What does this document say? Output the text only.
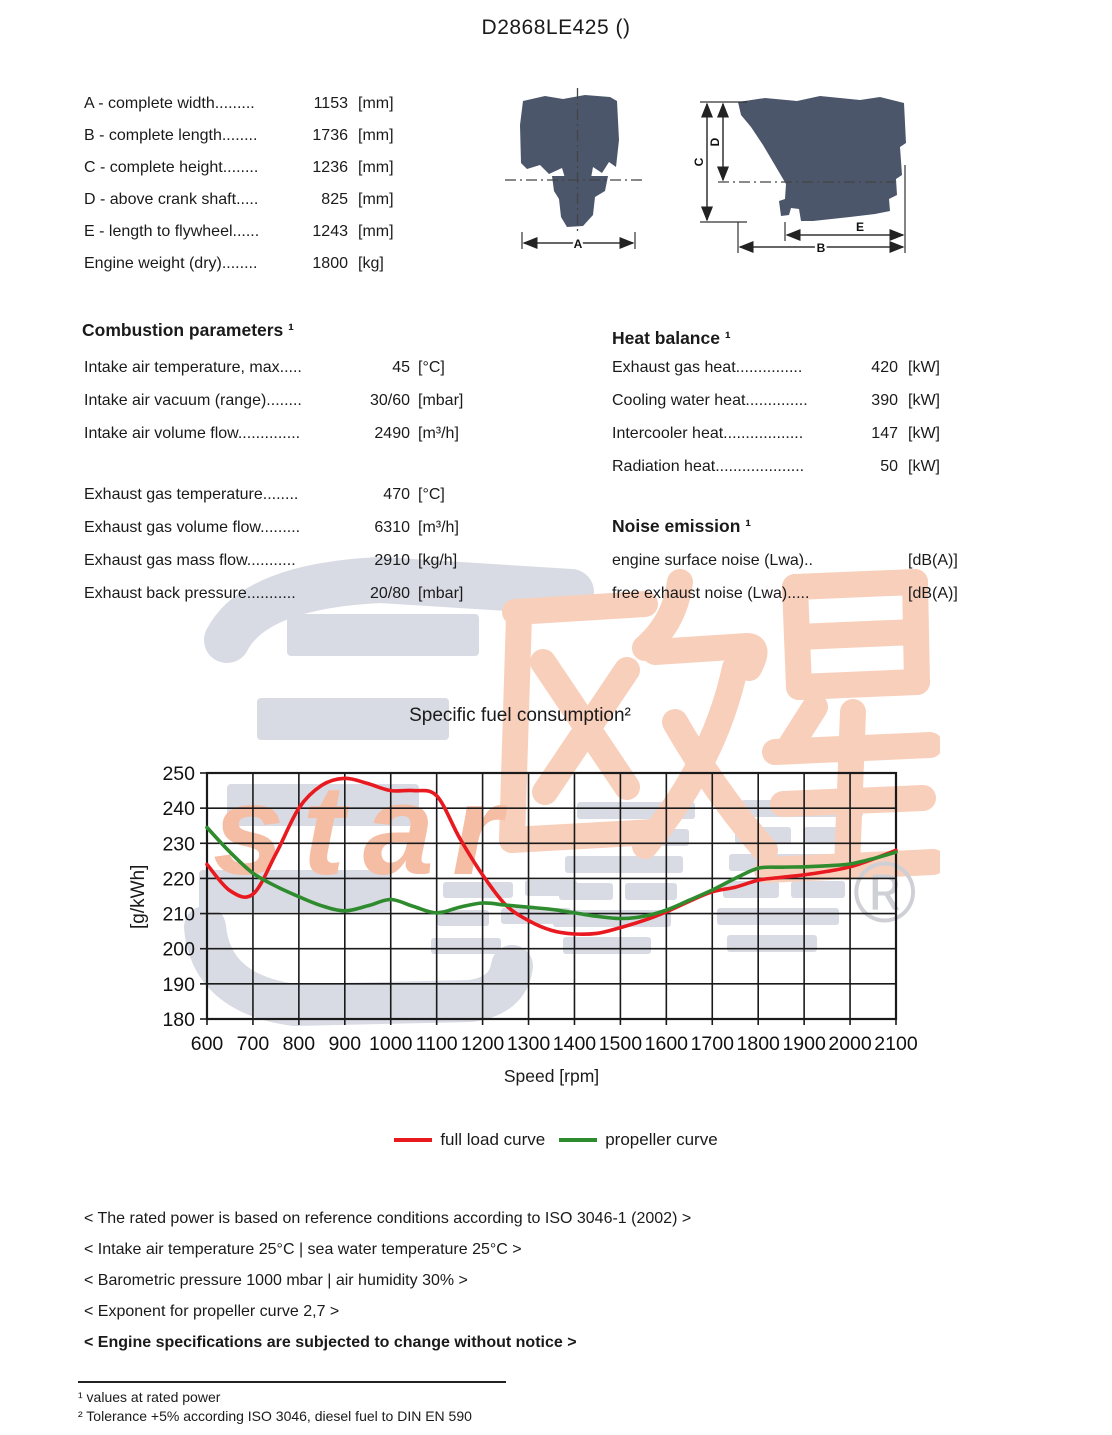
star	®
D2868LE425 ()
A - complete width.........	1153 [mm]
B - complete length........	1736 [mm]
C - complete height........	1236 [mm]
D - above crank shaft.....	825 [mm]
E - length to flywheel......	1243 [mm]
Engine weight (dry)........	1800 [kg]
A
C
D
E
B
Combustion parameters ¹
Intake air temperature, max.....	45 [°C]
Intake air vacuum (range)........	30/60 [mbar]
Intake air volume flow..............	2490 [m³/h]
Exhaust gas temperature........	470 [°C]
Exhaust gas volume flow.........	6310 [m³/h]
Exhaust gas mass flow...........	2910 [kg/h]
Exhaust back pressure...........	20/80 [mbar]
Heat balance ¹
Exhaust gas heat...............	420 [kW]
Cooling water heat..............	390 [kW]
Intercooler heat..................	147 [kW]
Radiation heat....................	50 [kW]
Noise emission ¹
engine surface noise (Lwa)..	[dB(A)]
free exhaust noise (Lwa).....	[dB(A)]
Specific fuel consumption²
[g/kWh]
600 700 800 900 1000 1100 1200 1300 1400 1500 1600 1700 1800 1900 2000 2100
180
190
200
210
220
230
240
250
Speed [rpm]
full load curve	propeller curve
< The rated power is based on reference conditions according to ISO 3046-1 (2002) >
< Intake air temperature 25°C | sea water temperature 25°C >
< Barometric pressure 1000 mbar | air humidity 30% >
< Exponent for propeller curve 2,7 >
< Engine specifications are subjected to change without notice >
¹ values at rated power
² Tolerance +5% according ISO 3046, diesel fuel to DIN EN 590
